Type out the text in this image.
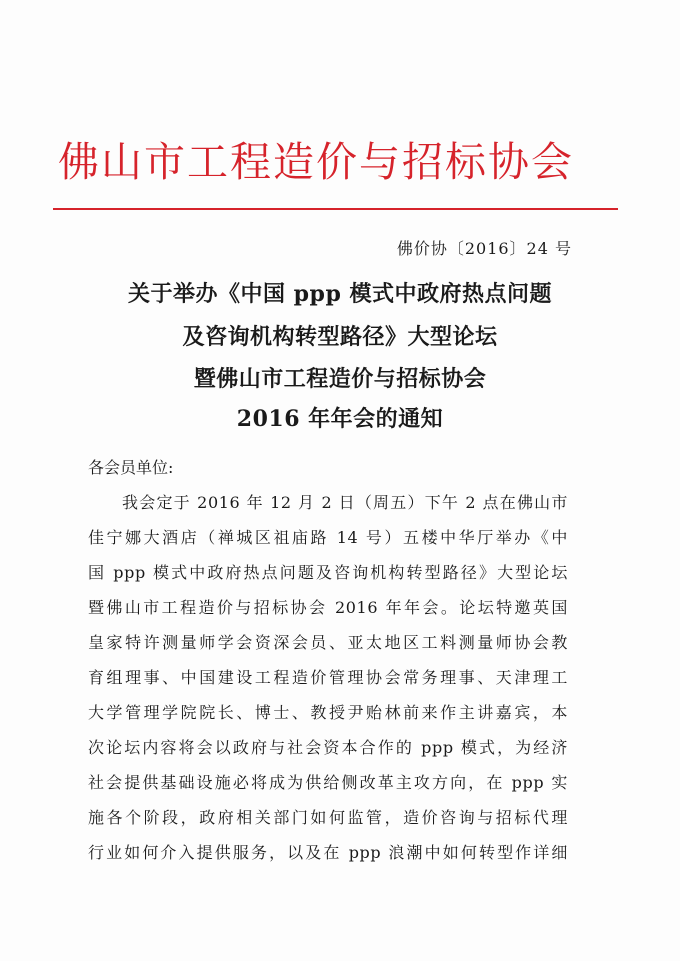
佛山市工程造价与招标协会
佛价协〔2016〕24 号
关于举办《中国 ppp 模式中政府热点问题
及咨询机构转型路径》大型论坛
暨佛山市工程造价与招标协会
2016 年年会的通知
各会员单位:
我会定于 2016 年 12 月 2 日（周五）下午 2 点在佛山市
佳宁娜大酒店（禅城区祖庙路 14 号）五楼中华厅举办《中
国 ppp 模式中政府热点问题及咨询机构转型路径》大型论坛
暨佛山市工程造价与招标协会 2016 年年会。论坛特邀英国
皇家特许测量师学会资深会员、亚太地区工料测量师协会教
育组理事、中国建设工程造价管理协会常务理事、天津理工
大学管理学院院长、博士、教授尹贻林前来作主讲嘉宾，本
次论坛内容将会以政府与社会资本合作的 ppp 模式，为经济
社会提供基础设施必将成为供给侧改革主攻方向，在 ppp 实
施各个阶段，政府相关部门如何监管，造价咨询与招标代理
行业如何介入提供服务，以及在 ppp 浪潮中如何转型作详细
